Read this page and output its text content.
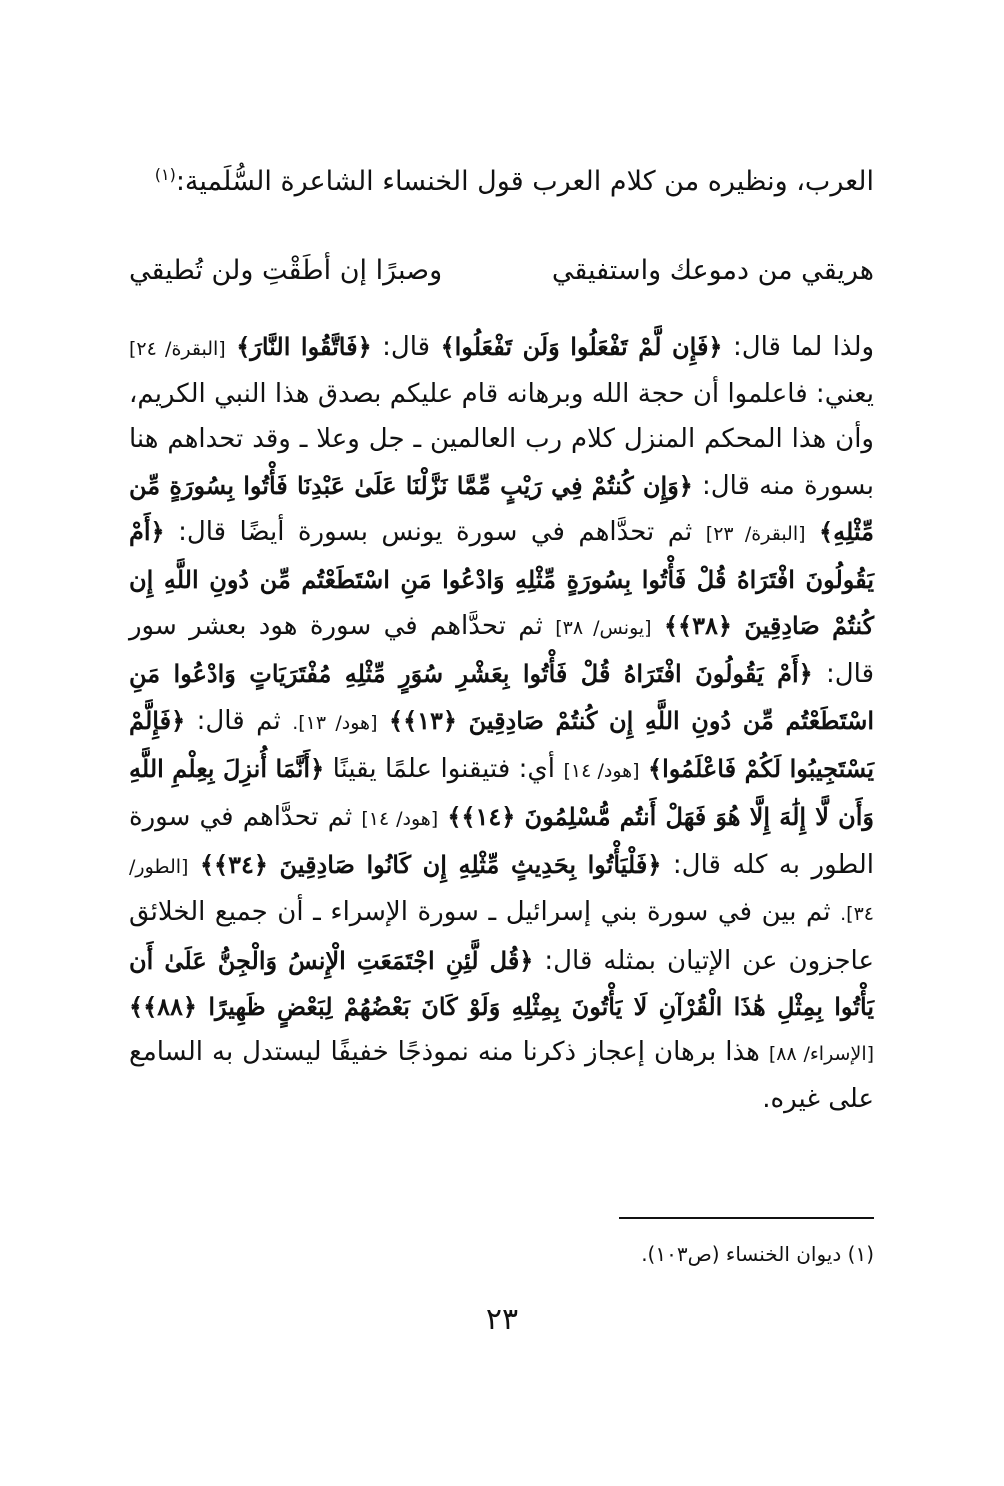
العرب، ونظيره من كلام العرب قول الخنساء الشاعرة السُّلَمية:$^{(١)}$

هريقي من دموعك واستفيقي
وصبرًا إن أطَقْتِ ولن تُطيقي

ولذا لما قال: ﴿فَإِن لَّمْ تَفْعَلُوا وَلَن تَفْعَلُوا﴾ قال: ﴿فَاتَّقُوا النَّارَ﴾ [البقرة/ ٢٤] يعني: فاعلموا أن حجة الله وبرهانه قام عليكم بصدق هذا النبي الكريم، وأن هذا المحكم المنزل كلام رب العالمين ـ جل وعلا ـ وقد تحداهم هنا بسورة منه قال: ﴿وَإِن كُنتُمْ فِي رَيْبٍ مِّمَّا نَزَّلْنَا عَلَىٰ عَبْدِنَا فَأْتُوا بِسُورَةٍ مِّن مِّثْلِهِ﴾ [البقرة/ ٢٣] ثم تحدَّاهم في سورة يونس بسورة أيضًا قال: ﴿أَمْ يَقُولُونَ افْتَرَاهُ قُلْ فَأْتُوا بِسُورَةٍ مِّثْلِهِ وَادْعُوا مَنِ اسْتَطَعْتُم مِّن دُونِ اللَّهِ إِن كُنتُمْ صَادِقِينَ ﴿٣٨﴾﴾ [يونس/ ٣٨] ثم تحدَّاهم في سورة هود بعشر سور قال: ﴿أَمْ يَقُولُونَ افْتَرَاهُ قُلْ فَأْتُوا بِعَشْرِ سُوَرٍ مِّثْلِهِ مُفْتَرَيَاتٍ وَادْعُوا مَنِ اسْتَطَعْتُم مِّن دُونِ اللَّهِ إِن كُنتُمْ صَادِقِينَ ﴿١٣﴾﴾ [هود/ ١٣]. ثم قال: ﴿فَإِلَّمْ يَسْتَجِيبُوا لَكُمْ فَاعْلَمُوا﴾ [هود/ ١٤] أي: فتيقنوا علمًا يقينًا ﴿أَنَّمَا أُنزِلَ بِعِلْمِ اللَّهِ وَأَن لَّا إِلَٰهَ إِلَّا هُوَ فَهَلْ أَنتُم مُّسْلِمُونَ ﴿١٤﴾﴾ [هود/ ١٤] ثم تحدَّاهم في سورة الطور به كله قال: ﴿فَلْيَأْتُوا بِحَدِيثٍ مِّثْلِهِ إِن كَانُوا صَادِقِينَ ﴿٣٤﴾﴾ [الطور/ ٣٤]. ثم بين في سورة بني إسرائيل ـ سورة الإسراء ـ أن جميع الخلائق عاجزون عن الإتيان بمثله قال: ﴿قُل لَّئِنِ اجْتَمَعَتِ الْإِنسُ وَالْجِنُّ عَلَىٰ أَن يَأْتُوا بِمِثْلِ هَٰذَا الْقُرْآنِ لَا يَأْتُونَ بِمِثْلِهِ وَلَوْ كَانَ بَعْضُهُمْ لِبَعْضٍ ظَهِيرًا ﴿٨٨﴾﴾ [الإسراء/ ٨٨] هذا برهان إعجاز ذكرنا منه نموذجًا خفيفًا ليستدل به السامع على غيره.

(١) ديوان الخنساء (ص١٠٣).
٢٣
